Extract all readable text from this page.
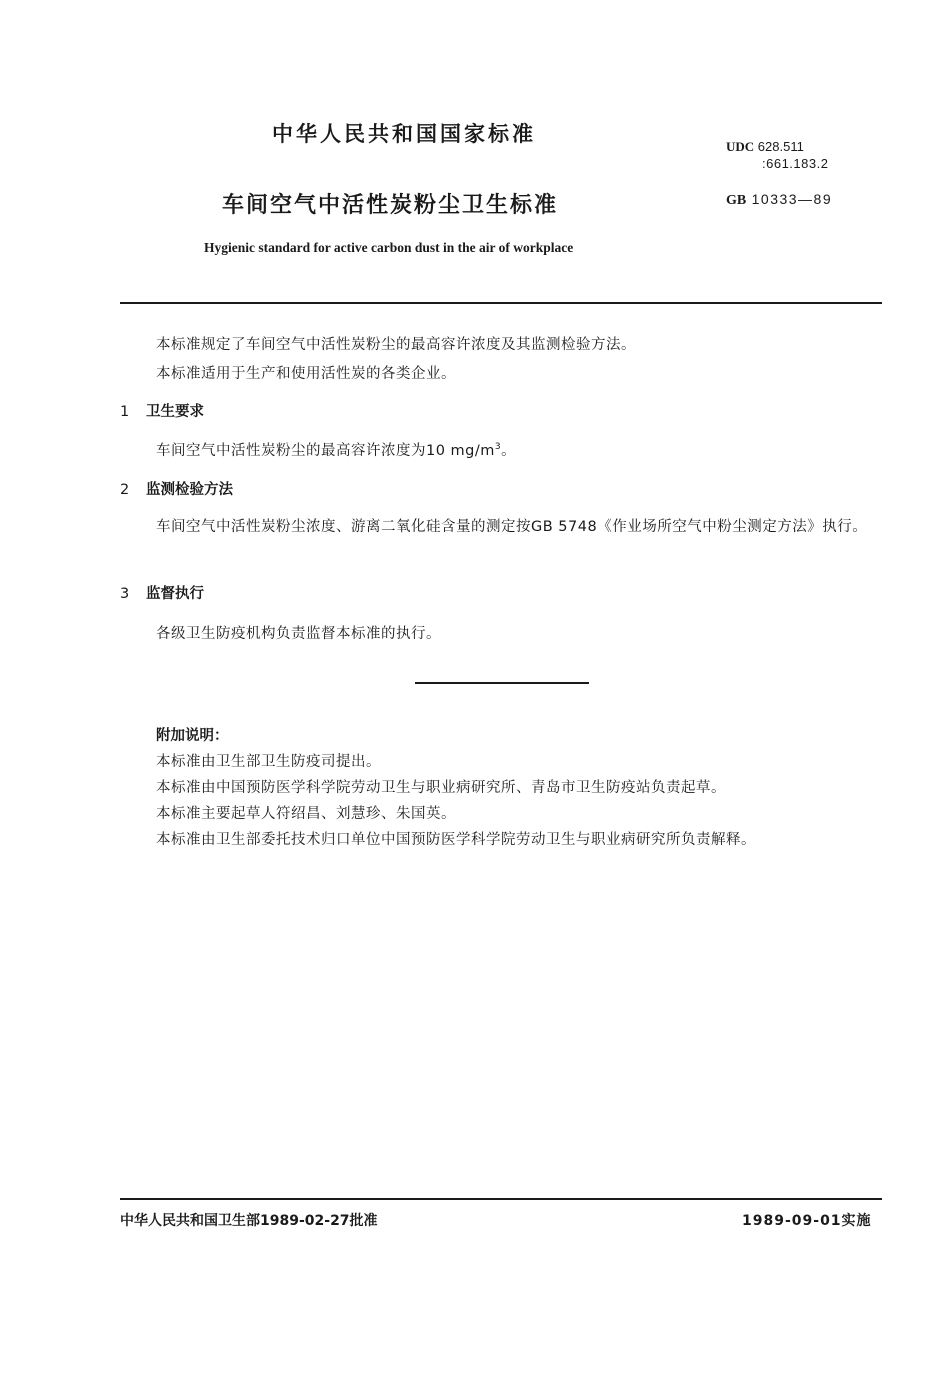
中华人民共和国国家标准
UDC 628.511
:661.183.2
车间空气中活性炭粉尘卫生标准	GB 10333—89
Hygienic standard for active carbon dust in the air of workplace
本标准规定了车间空气中活性炭粉尘的最高容许浓度及其监测检验方法。
本标准适用于生产和使用活性炭的各类企业。
1 卫生要求
车间空气中活性炭粉尘的最高容许浓度为10 $mg/m^3$。
2 监测检验方法
车间空气中活性炭粉尘浓度、游离二氧化硅含量的测定按GB 5748《作业场所空气中粉尘测定方法》执行。
3 监督执行
各级卫生防疫机构负责监督本标准的执行。
附加说明：
本标准由卫生部卫生防疫司提出。
本标准由中国预防医学科学院劳动卫生与职业病研究所、青岛市卫生防疫站负责起草。
本标准主要起草人符绍昌、刘慧珍、朱国英。
本标准由卫生部委托技术归口单位中国预防医学科学院劳动卫生与职业病研究所负责解释。
中华人民共和国卫生部1989-02-27批准	1989-09-01实施
